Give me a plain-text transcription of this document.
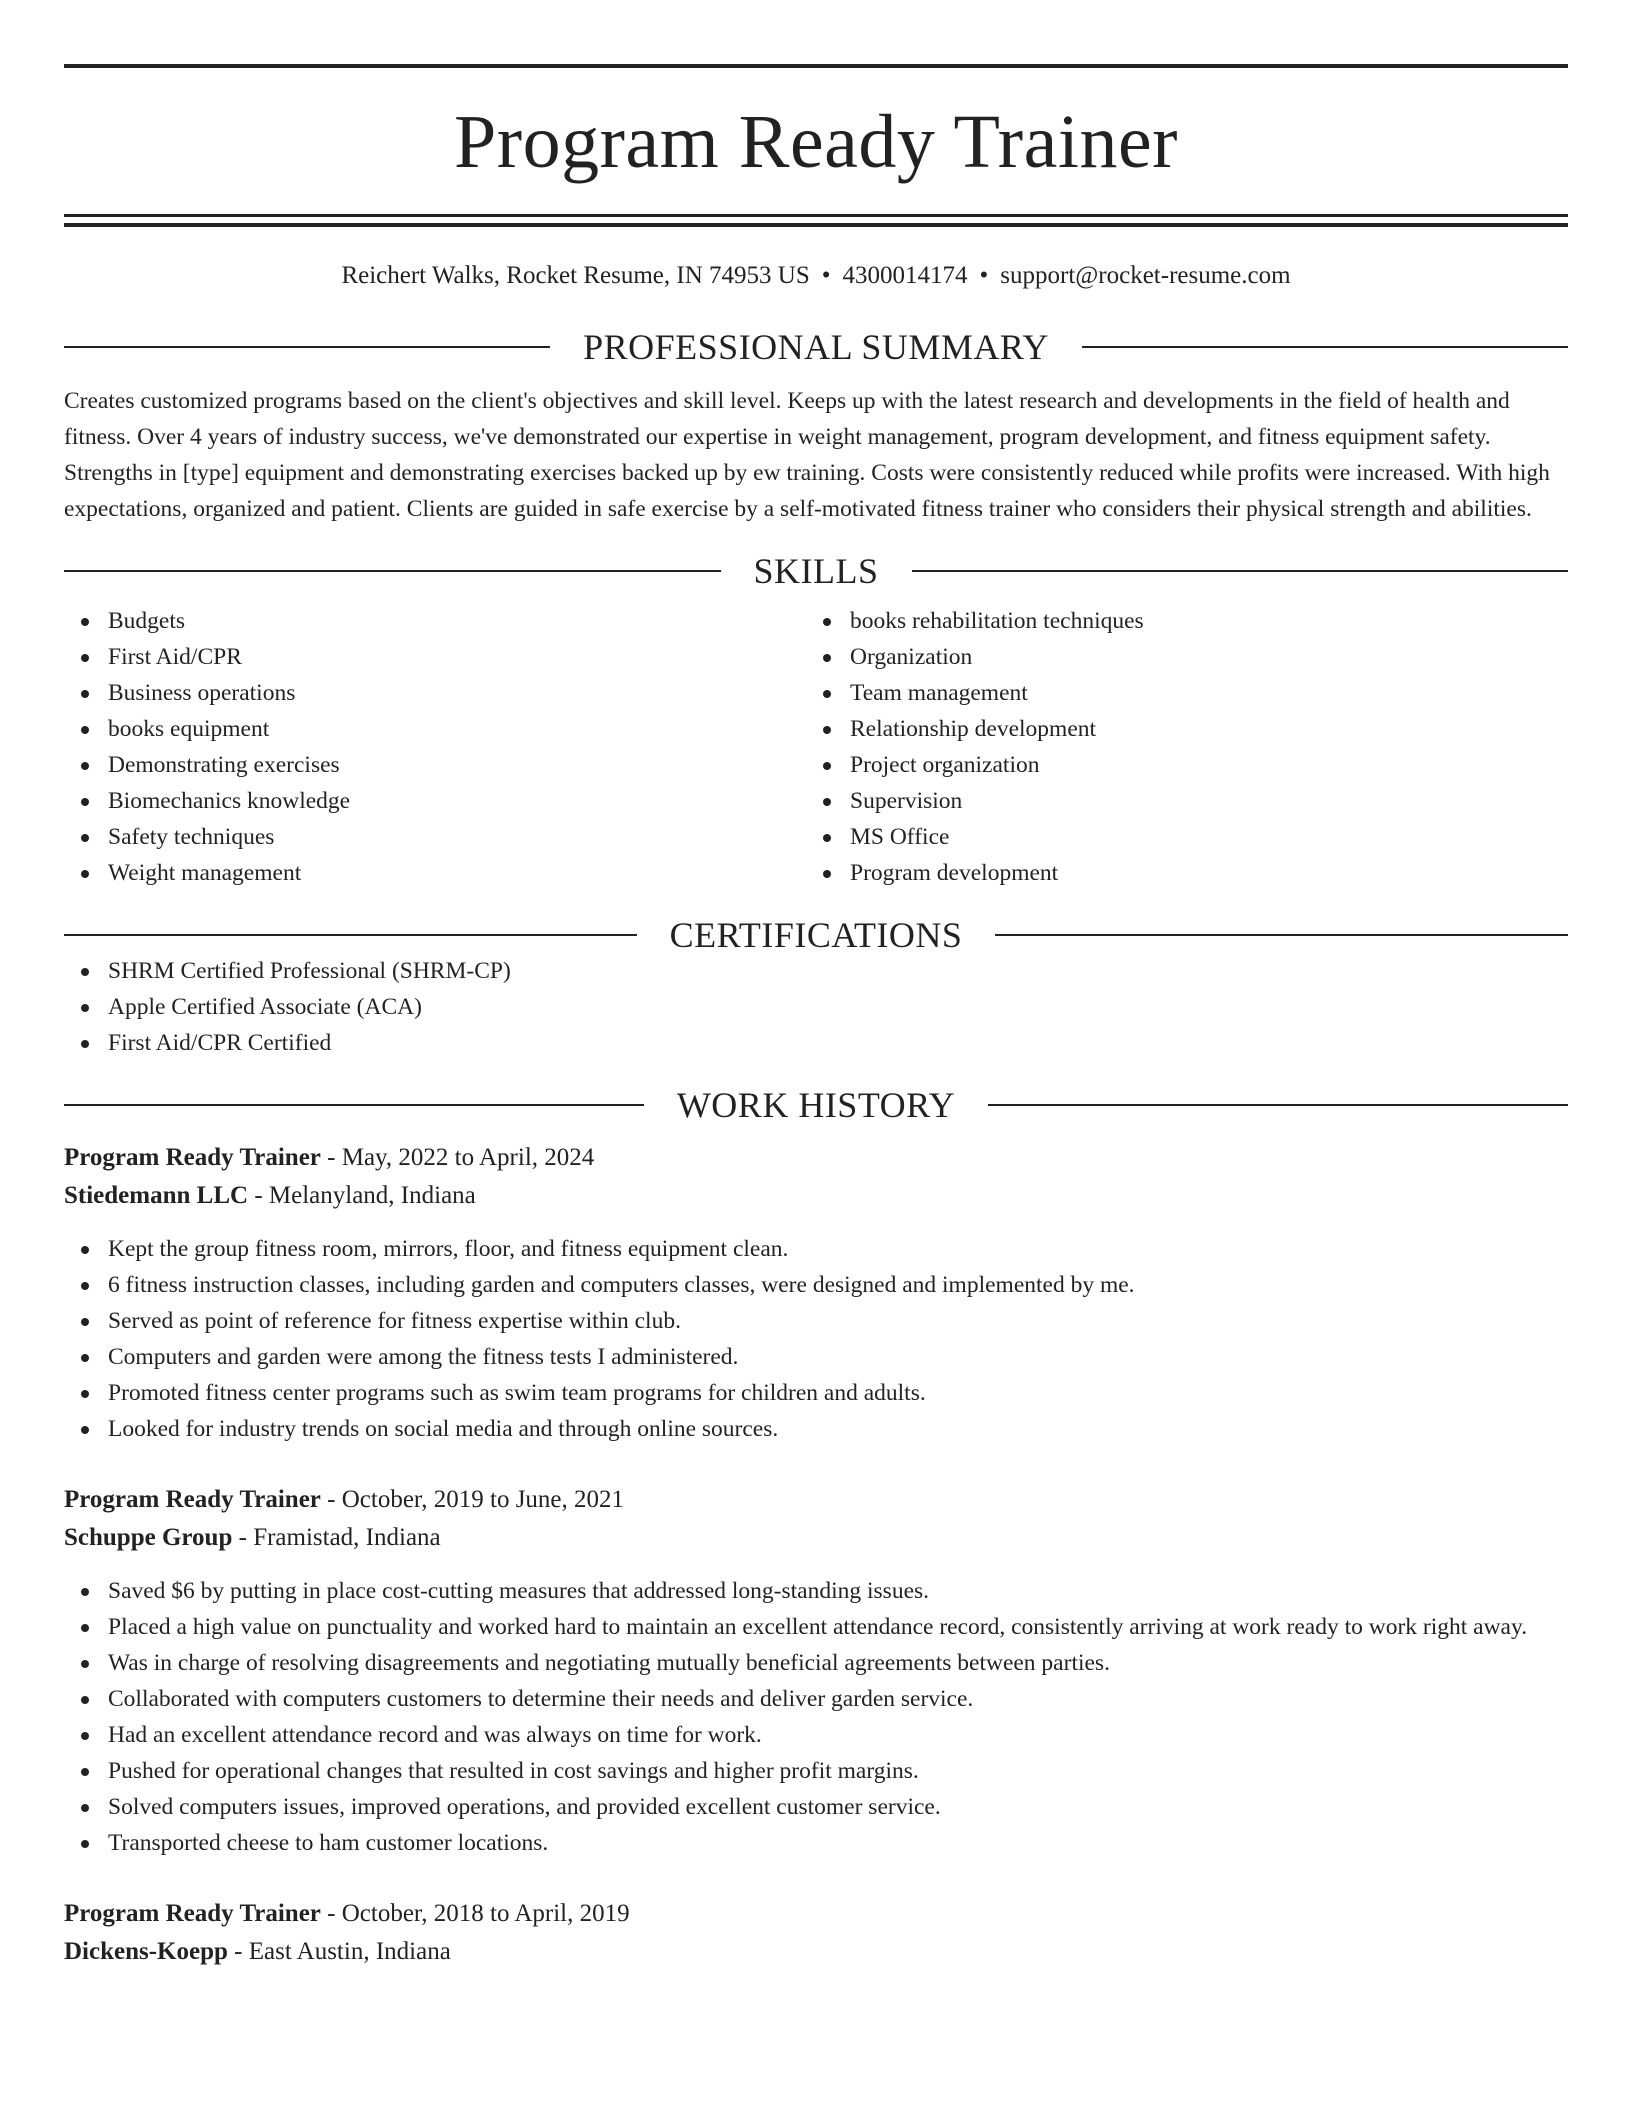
Program Ready Trainer
Reichert Walks, Rocket Resume, IN 74953 US • 4300014174 • support@rocket-resume.com
PROFESSIONAL SUMMARY

Creates customized programs based on the client's objectives and skill level. Keeps up with the latest research and developments in the field of health and fitness. Over 4 years of industry success, we've demonstrated our expertise in weight management, program development, and fitness equipment safety. Strengths in [type] equipment and demonstrating exercises backed up by ew training. Costs were consistently reduced while profits were increased. With high expectations, organized and patient. Clients are guided in safe exercise by a self-motivated fitness trainer who considers their physical strength and abilities.

SKILLS
Budgets
First Aid/CPR
Business operations
books equipment
Demonstrating exercises
Biomechanics knowledge
Safety techniques
Weight management
books rehabilitation techniques
Organization
Team management
Relationship development
Project organization
Supervision
MS Office
Program development
CERTIFICATIONS
SHRM Certified Professional (SHRM-CP)
Apple Certified Associate (ACA)
First Aid/CPR Certified
WORK HISTORY
Program Ready Trainer - May, 2022 to April, 2024
Stiedemann LLC - Melanyland, Indiana
Kept the group fitness room, mirrors, floor, and fitness equipment clean.
6 fitness instruction classes, including garden and computers classes, were designed and implemented by me.
Served as point of reference for fitness expertise within club.
Computers and garden were among the fitness tests I administered.
Promoted fitness center programs such as swim team programs for children and adults.
Looked for industry trends on social media and through online sources.
Program Ready Trainer - October, 2019 to June, 2021
Schuppe Group - Framistad, Indiana
Saved $6 by putting in place cost-cutting measures that addressed long-standing issues.
Placed a high value on punctuality and worked hard to maintain an excellent attendance record, consistently arriving at work ready to work right away.
Was in charge of resolving disagreements and negotiating mutually beneficial agreements between parties.
Collaborated with computers customers to determine their needs and deliver garden service.
Had an excellent attendance record and was always on time for work.
Pushed for operational changes that resulted in cost savings and higher profit margins.
Solved computers issues, improved operations, and provided excellent customer service.
Transported cheese to ham customer locations.
Program Ready Trainer - October, 2018 to April, 2019
Dickens-Koepp - East Austin, Indiana
